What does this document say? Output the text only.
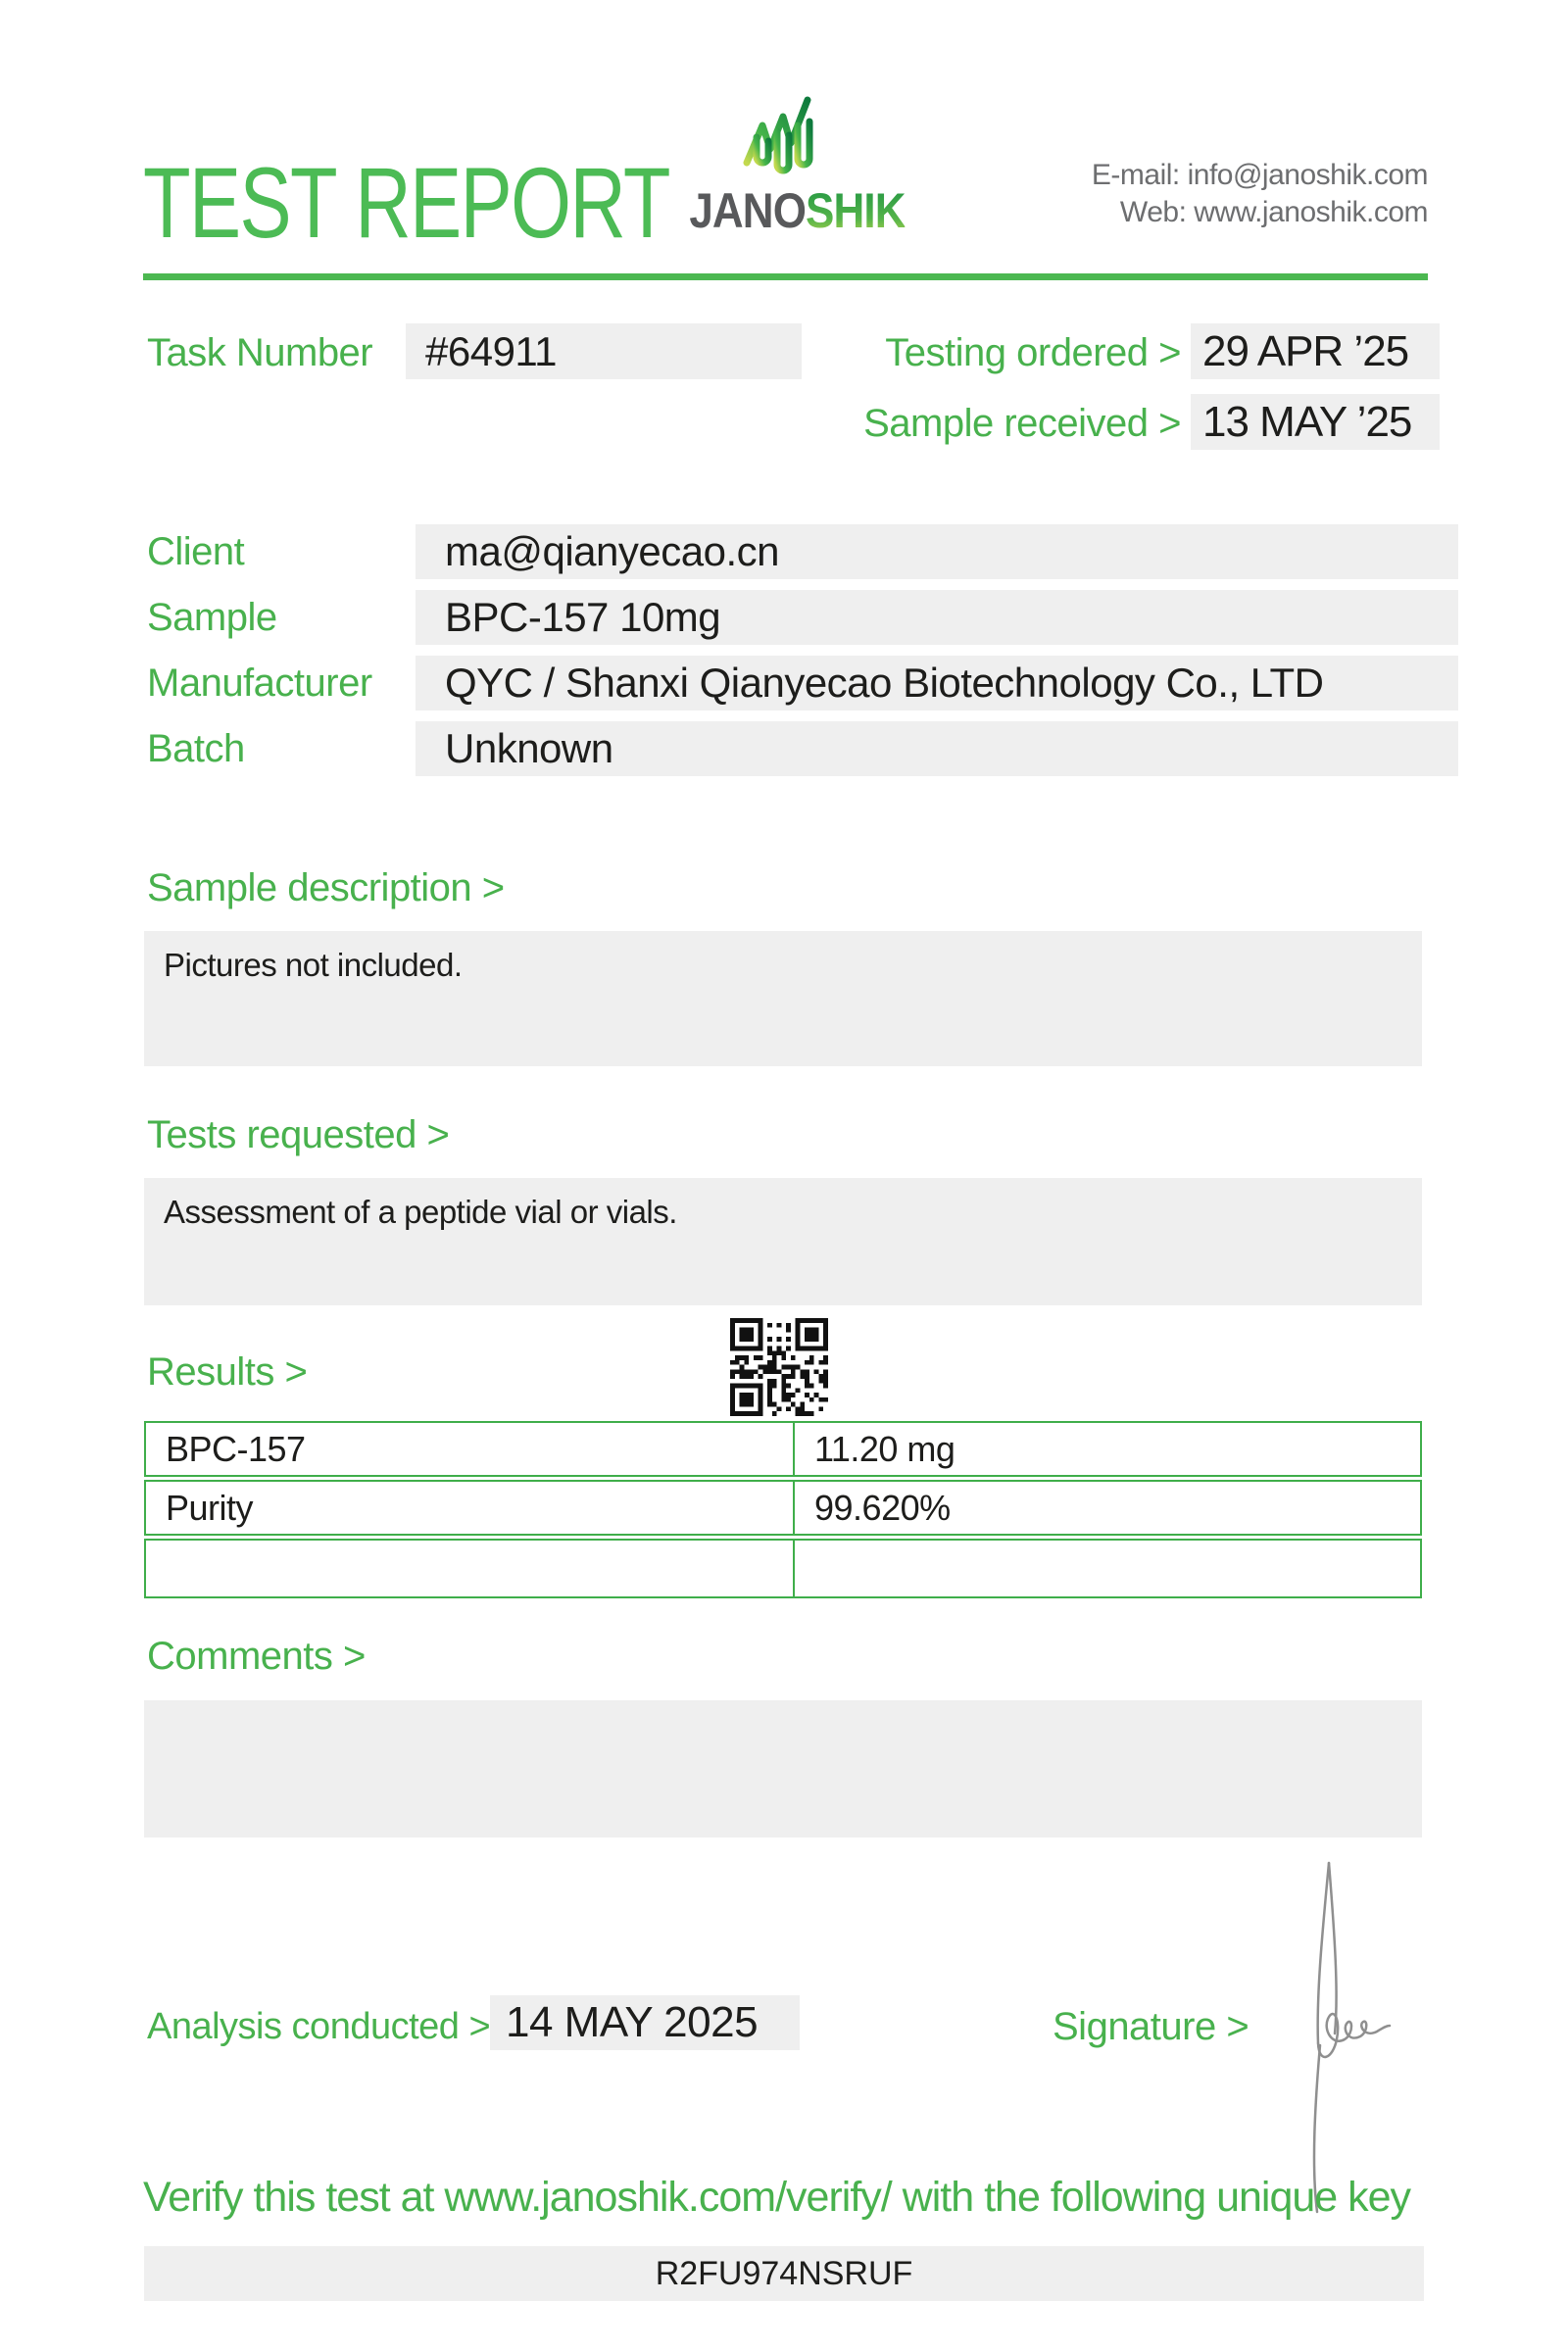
TEST REPORT JANOSHIK
E-mail: info@janoshik.com
Web: www.janoshik.com
Task Number #64911	Testing ordered > 29 APR ’25
Sample received > 13 MAY ’25
Client	ma@qianyecao.cn
Sample	BPC-157 10mg
Manufacturer QYC / Shanxi Qianyecao Biotechnology Co., LTD
Batch	Unknown
Sample description >
Pictures not included.
Tests requested >
Assessment of a peptide vial or vials.
Results >
BPC-157	11.20 mg
Purity	99.620%
Comments >
Analysis conducted > 14 MAY 2025	Signature >
Verify this test at www.janoshik.com/verify/ with the following unique key
R2FU974NSRUF
